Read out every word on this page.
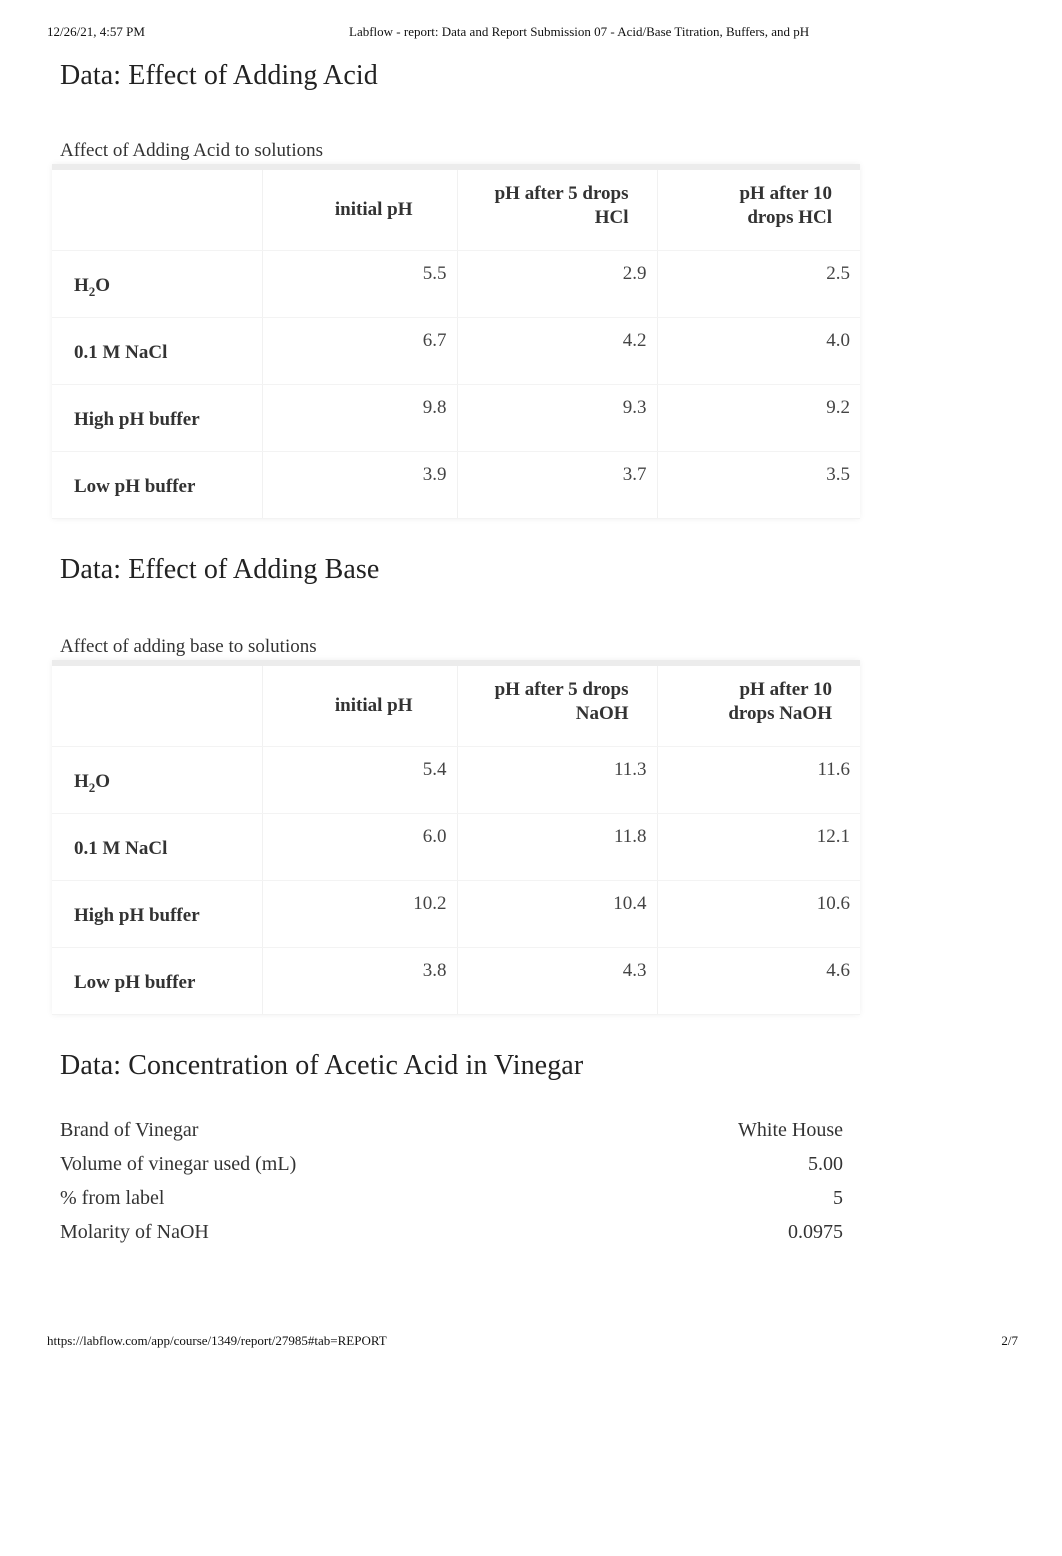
12/26/21, 4:57 PM	Labflow - report: Data and Report Submission 07 - Acid/Base Titration, Buffers, and pH
Data: Effect of Adding Acid

Affect of Adding Acid to solutions

	initial pH	pH after 5 drops HCl	pH after 10 drops HCl

$H_2O$	5.5	2.9	2.5
0.1 M NaCl	6.7	4.2	4.0
High pH buffer	9.8	9.3	9.2
Low pH buffer	3.9	3.7	3.5
Data: Effect of Adding Base

Affect of adding base to solutions

	initial pH	pH after 5 drops NaOH	pH after 10 drops NaOH

$H_2O$	5.4	11.3	11.6
0.1 M NaCl	6.0	11.8	12.1
High pH buffer	10.2	10.4	10.6
Low pH buffer	3.8	4.3	4.6
Data: Concentration of Acetic Acid in Vinegar
Brand of Vinegar	White House
Volume of vinegar used (mL)	5.00
% from label	5
Molarity of NaOH	0.0975
https://labflow.com/app/course/1349/report/27985#tab=REPORT	2/7
